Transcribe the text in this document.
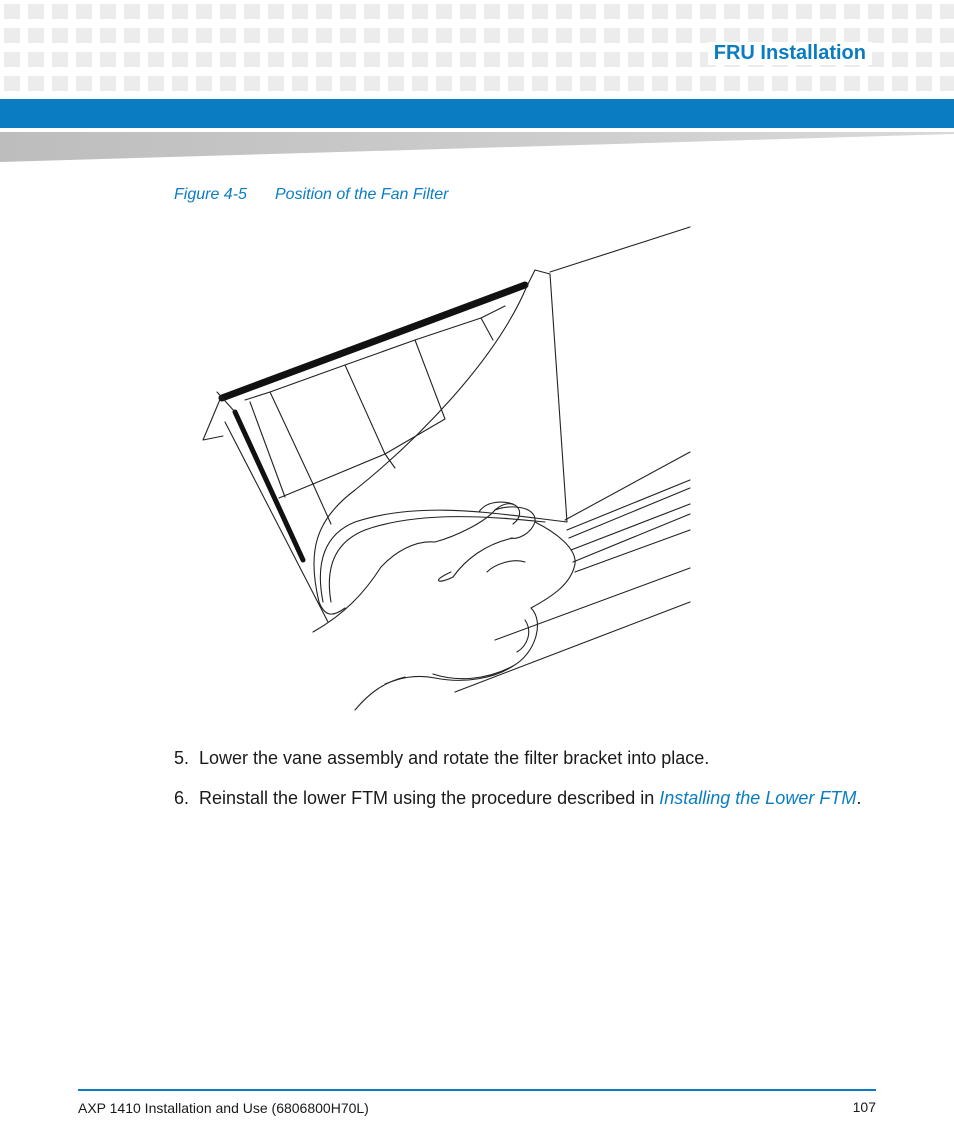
FRU Installation
Figure 4-5 Position of the Fan Filter
5. Lower the vane assembly and rotate the filter bracket into place.
6. Reinstall the lower FTM using the procedure described in Installing the Lower FTM.
AXP 1410 Installation and Use (6806800H70L)	107
